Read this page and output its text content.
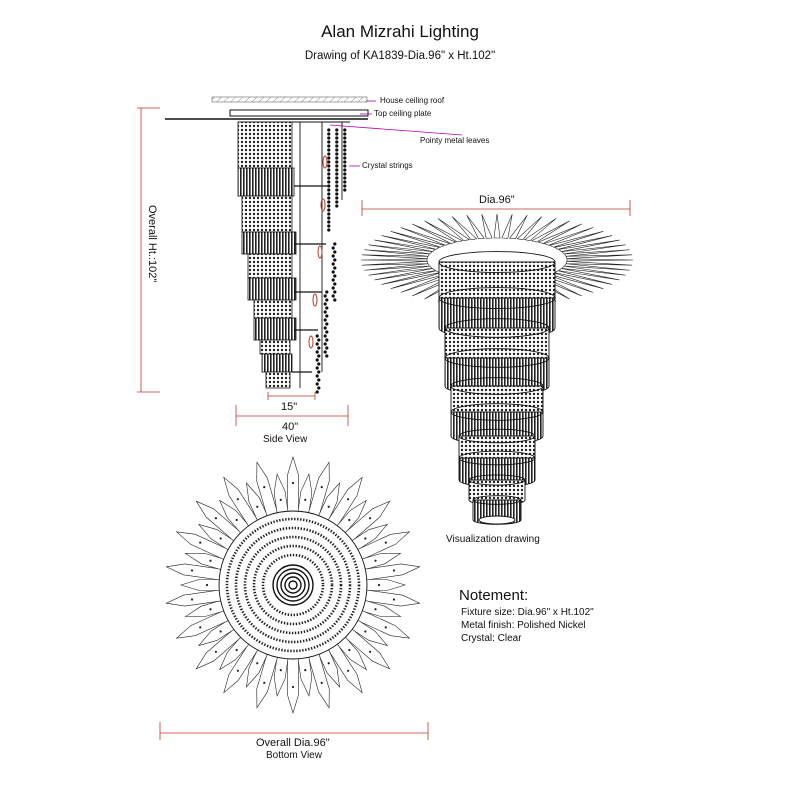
Alan Mizrahi Lighting
Drawing of KA1839-Dia.96" x Ht.102"
House ceiling roof
Top ceiling plate
Pointy metal leaves
Crystal strings
Overall Ht.:102"
15"
40"
Side View
Dia.96"
Visualization drawing
Overall Dia.96"
Bottom View
Notement:
Fixture size: Dia.96" x Ht.102"
Metal finish: Polished Nickel
Crystal: Clear
